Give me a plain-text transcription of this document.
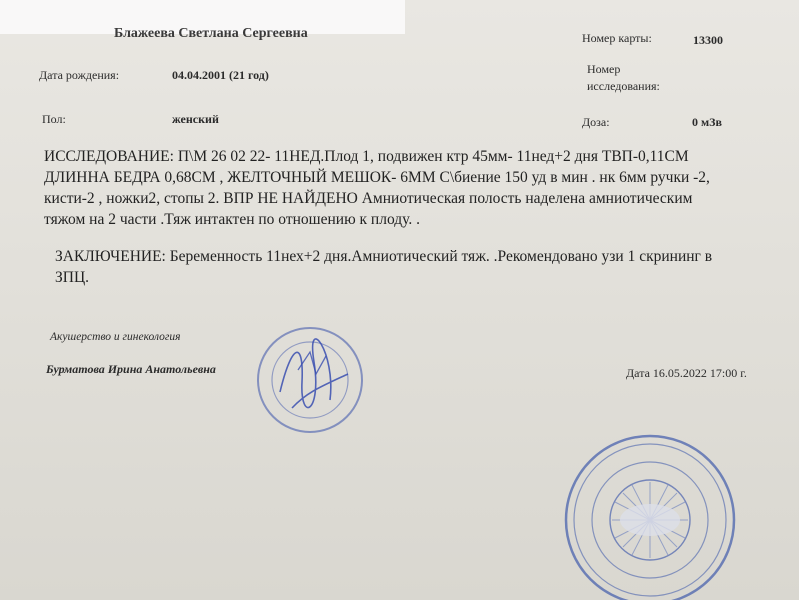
Блажеева Светлана Сергеевна	Номер карты:	13300
Дата рождения:	04.04.2001 (21 год)	Номер
исследования:
Пол:	женский	Доза:	0 мЗв
ИССЛЕДОВАНИЕ: П\М 26 02 22- 11НЕД.Плод 1, подвижен ктр 45мм- 11нед+2 дня ТВП-0,11СМ
ДЛИННА БЕДРА 0,68СМ , ЖЕЛТОЧНЫЙ МЕШОК- 6ММ С\биение 150 уд в мин . нк 6мм ручки -2,
кисти-2 , ножки2, стопы 2. ВПР НЕ НАЙДЕНО Амниотическая полость наделена амниотическим
тяжом на 2 части .Тяж интактен по отношению к плоду. .
ЗАКЛЮЧЕНИЕ: Беременность 11нех+2 дня.Амниотический тяж. .Рекомендовано узи 1 скрининг в
ЗПЦ.
Акушерство и гинекология
Бурматова Ирина Анатольевна	Дата 16.05.2022 17:00 г.
